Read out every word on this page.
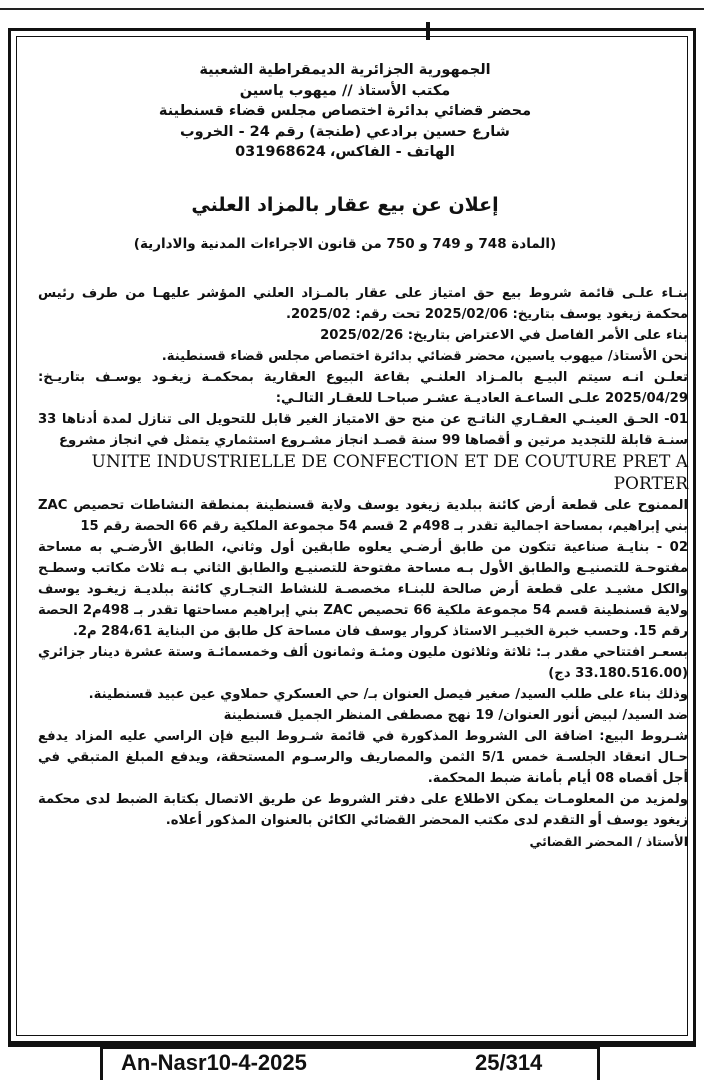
الجمهورية الجزائرية الديمقراطية الشعبية
مكتب الأستاذ // ميهوب ياسين
محضر قضائي بدائرة اختصاص مجلس قضاء قسنطينة
شارع حسين برادعي (طنجة) رقم 24 - الخروب
الهاتف - الفاكس،
031968624
إعلان عن بيع عقار بالمزاد العلني
(المادة 748 و 749 و 750 من قانون الاجراءات المدنية والادارية)

بنـاء علـى قائمة شروط بيع حق امتياز على عقار بالمـزاد العلني المؤشر عليهـا من طرف رئيس محكمة زيغود يوسف بتاريخ: 2025/02/06 تحت رقم: 2025/02.

بناء على الأمر الفاصل في الاعتراض بتاريخ: 2025/02/26

نحن الأستاذ/ ميهوب ياسين، محضر قضائي بدائرة اختصاص مجلس قضاء قسنطينة.

تعلـن انـه سيتم البيـع بالمـزاد العلنـي بقاعة البيوع العقارية بمحكمـة زيغـود يوسـف بتاريـخ: 2025/04/29 علـى الساعـة العاديـة عشـر صباحـا للعقـار التالـي:

01- الحـق العينـي العقـاري الناتـج عن منح حق الامتياز الغير قابل للتحويل الى تنازل لمدة أدناها 33 سنـة قابلة للتجديد مرتين و أقصاها 99 سنة قصـد انجاز مشـروع استثماري يتمثل في انجاز مشروع

UNITE INDUSTRIELLE DE CONFECTION ET DE COUTURE PRET A PORTER

الممنوح على قطعة أرض كائنة ببلدية زيغود يوسف ولاية قسنطينة بمنطقة النشاطات تحصيص ZAC بني إبراهيم، بمساحة اجمالية تقدر بـ 498م 2 قسم 54 مجموعة الملكية رقم 66 الحصة رقم 15

02 - بنايـة صناعية تتكون من طابق أرضـي يعلوه طابقين أول وثاني، الطابق الأرضـي به مساحة مفتوحـة للتصنيـع والطابق الأول بـه مساحة مفتوحة للتصنيـع والطابق الثاني بـه ثلاث مكاتب وسطـح والكل مشيـد على قطعة أرض صالحة للبنـاء مخصصـة للنشاط التجـاري كائنة ببلديـة زيغـود يوسف ولاية قسنطينة قسم 54 مجموعة ملكية 66 تحصيص ZAC بني إبراهيم مساحتها تقدر بـ 498م2 الحصة رقم 15. وحسب خبرة الخبيـر الاستاذ كروار يوسف فان مساحة كل طابق من البناية 284،61 م2.

بسعـر افتتاحي مقدر بـ: ثلاثة وثلاثون مليون ومئـة وثمانون ألف وخمسمائـة وستة عشرة دينار جزائري (33.180.516.00 دج)

وذلك بناء على طلب السيد/ صغير فيصل العنوان بـ/ حي العسكري حملاوي عين عبيد قسنطينة.

ضد السيد/ لبيض أنور العنوان/ 19 نهج مصطفى المنظر الجميل قسنطينة

شـروط البيع: اضافة الى الشروط المذكورة في قائمة شـروط البيع فإن الراسي عليه المزاد يدفع حـال انعقاد الجلسـة خمس 5/1 الثمن والمصاريف والرسـوم المستحقة، ويدفع المبلغ المتبقي في أجل أقصاه 08 أيام بأمانة ضبط المحكمة.

ولمزيد من المعلومـات يمكن الاطلاع على دفتر الشروط عن طريق الاتصال بكتابة الضبط لدى محكمة زيغود يوسف أو التقدم لدى مكتب المحضر القضائي الكائن بالعنوان المذكور أعلاه.

الأستاذ / المحضر القضائي

An-Nasr10-4-2025	25/314
